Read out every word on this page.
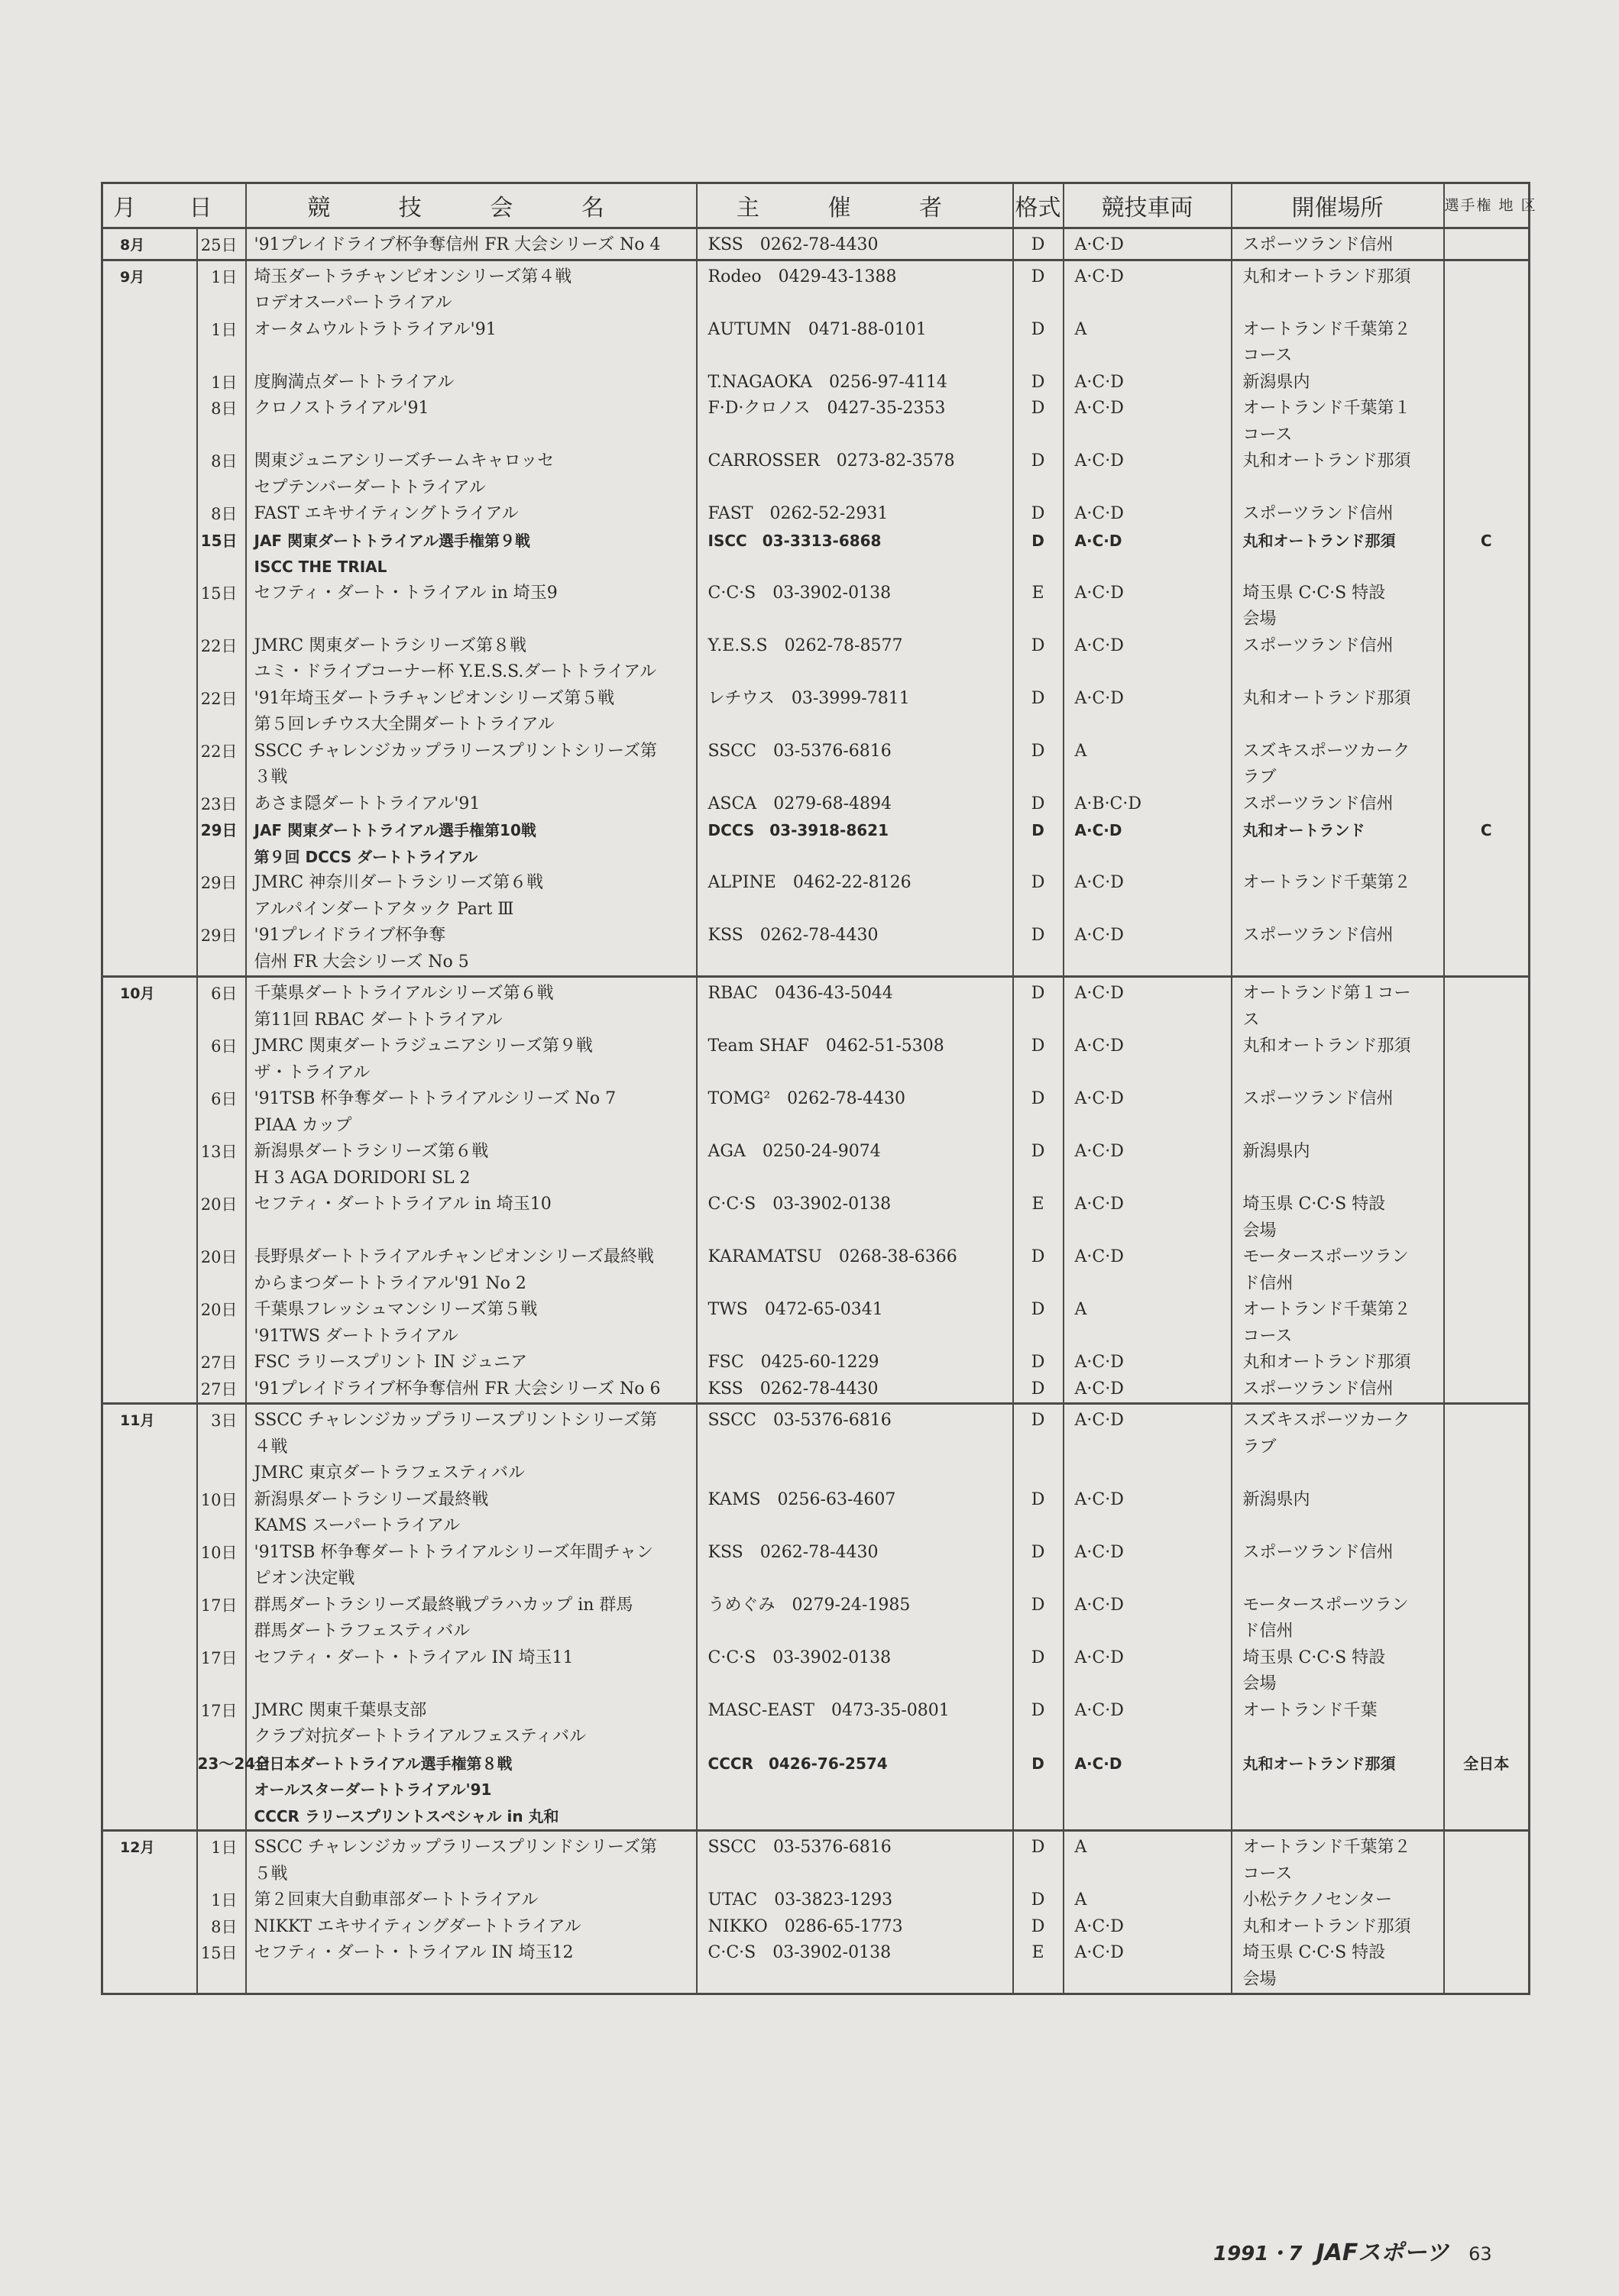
月 日		競 技 会 名	主 催 者	格式	競技車両	開催場所	選手権 地 区
8月	25日	'91プレイドライブ杯争奪信州 FR 大会シリーズ No 4	KSS　0262-78-4430	D	A·C·D	スポーツランド信州	

9月	1日	埼玉ダートラチャンピオンシリーズ第４戦
ロデオスーパートライアル	Rodeo　0429-43-1388	D	A·C·D	丸和オートランド那須	

	1日	オータムウルトラトライアル'91	AUTUMN　0471-88-0101	D	A	オートランド千葉第２
コース	

	1日	度胸満点ダートトライアル	T.NAGAOKA　0256-97-4114	D	A·C·D	新潟県内	

	8日	クロノストライアル'91	F·D·クロノス　0427-35-2353	D	A·C·D	オートランド千葉第１
コース	

	8日	関東ジュニアシリーズチームキャロッセ
セプテンバーダートトライアル	CARROSSER　0273-82-3578	D	A·C·D	丸和オートランド那須	

	8日	FAST エキサイティングトライアル	FAST　0262-52-2931	D	A·C·D	スポーツランド信州	

	15日	JAF 関東ダートトライアル選手権第９戦
ISCC THE TRIAL	ISCC　03-3313-6868	D	A·C·D	丸和オートランド那須	C
	15日	セフティ・ダート・トライアル in 埼玉9	C·C·S　03-3902-0138	E	A·C·D	埼玉県 C·C·S 特設
会場	

	22日	JMRC 関東ダートラシリーズ第８戦
ユミ・ドライブコーナー杯 Y.E.S.S.ダートトライアル	Y.E.S.S　0262-78-8577	D	A·C·D	スポーツランド信州	

	22日	'91年埼玉ダートラチャンピオンシリーズ第５戦
第５回レチウス大全開ダートトライアル	レチウス　03-3999-7811	D	A·C·D	丸和オートランド那須	

	22日	SSCC チャレンジカップラリースプリントシリーズ第
３戦	SSCC　03-5376-6816	D	A	スズキスポーツカーク
ラブ	

	23日	あさま隠ダートトライアル'91	ASCA　0279-68-4894	D	A·B·C·D	スポーツランド信州	

	29日	JAF 関東ダートトライアル選手権第10戦
第９回 DCCS ダートトライアル	DCCS　03-3918-8621	D	A·C·D	丸和オートランド	C
	29日	JMRC 神奈川ダートラシリーズ第６戦
アルパインダートアタック Part Ⅲ	ALPINE　0462-22-8126	D	A·C·D	オートランド千葉第２	

	29日	'91プレイドライブ杯争奪
信州 FR 大会シリーズ No 5	KSS　0262-78-4430	D	A·C·D	スポーツランド信州	

10月	6日	千葉県ダートトライアルシリーズ第６戦
第11回 RBAC ダートトライアル	RBAC　0436-43-5044	D	A·C·D	オートランド第１コー
ス	

	6日	JMRC 関東ダートラジュニアシリーズ第９戦
ザ・トライアル	Team SHAF　0462-51-5308	D	A·C·D	丸和オートランド那須	

	6日	'91TSB 杯争奪ダートトライアルシリーズ No 7
PIAA カップ	TOMG²　0262-78-4430	D	A·C·D	スポーツランド信州	

	13日	新潟県ダートラシリーズ第６戦
H 3 AGA DORIDORI SL 2	AGA　0250-24-9074	D	A·C·D	新潟県内	

	20日	セフティ・ダートトライアル in 埼玉10	C·C·S　03-3902-0138	E	A·C·D	埼玉県 C·C·S 特設
会場	

	20日	長野県ダートトライアルチャンピオンシリーズ最終戦
からまつダートトライアル'91 No 2	KARAMATSU　0268-38-6366	D	A·C·D	モータースポーツラン
ド信州	

	20日	千葉県フレッシュマンシリーズ第５戦
'91TWS ダートトライアル	TWS　0472-65-0341	D	A	オートランド千葉第２
コース	

	27日	FSC ラリースプリント IN ジュニア	FSC　0425-60-1229	D	A·C·D	丸和オートランド那須	

	27日	'91プレイドライブ杯争奪信州 FR 大会シリーズ No 6	KSS　0262-78-4430	D	A·C·D	スポーツランド信州	

11月	3日	SSCC チャレンジカップラリースプリントシリーズ第
４戦
JMRC 東京ダートラフェスティバル	SSCC　03-5376-6816	D	A·C·D	スズキスポーツカーク
ラブ	

	10日	新潟県ダートラシリーズ最終戦
KAMS スーパートライアル	KAMS　0256-63-4607	D	A·C·D	新潟県内	

	10日	'91TSB 杯争奪ダートトライアルシリーズ年間チャン
ピオン決定戦	KSS　0262-78-4430	D	A·C·D	スポーツランド信州	

	17日	群馬ダートラシリーズ最終戦プラハカップ in 群馬
群馬ダートラフェスティバル	うめぐみ　0279-24-1985	D	A·C·D	モータースポーツラン
ド信州	

	17日	セフティ・ダート・トライアル IN 埼玉11	C·C·S　03-3902-0138	D	A·C·D	埼玉県 C·C·S 特設
会場	

	17日	JMRC 関東千葉県支部
クラブ対抗ダートトライアルフェスティバル	MASC-EAST　0473-35-0801	D	A·C·D	オートランド千葉	

	23〜24日	全日本ダートトライアル選手権第８戦
オールスターダートトライアル'91
CCCR ラリースプリントスペシャル in 丸和	CCCR　0426-76-2574	D	A·C·D	丸和オートランド那須	全日本
12月	1日	SSCC チャレンジカップラリースプリンドシリーズ第
５戦	SSCC　03-5376-6816	D	A	オートランド千葉第２
コース	

	1日	第２回東大自動車部ダートトライアル	UTAC　03-3823-1293	D	A	小松テクノセンター	

	8日	NIKKT エキサイティングダートトライアル	NIKKO　0286-65-1773	D	A·C·D	丸和オートランド那須	

	15日	セフティ・ダート・トライアル IN 埼玉12	C·C·S　03-3902-0138	E	A·C·D	埼玉県 C·C·S 特設
会場	

1991・7 JAFスポーツ 63
